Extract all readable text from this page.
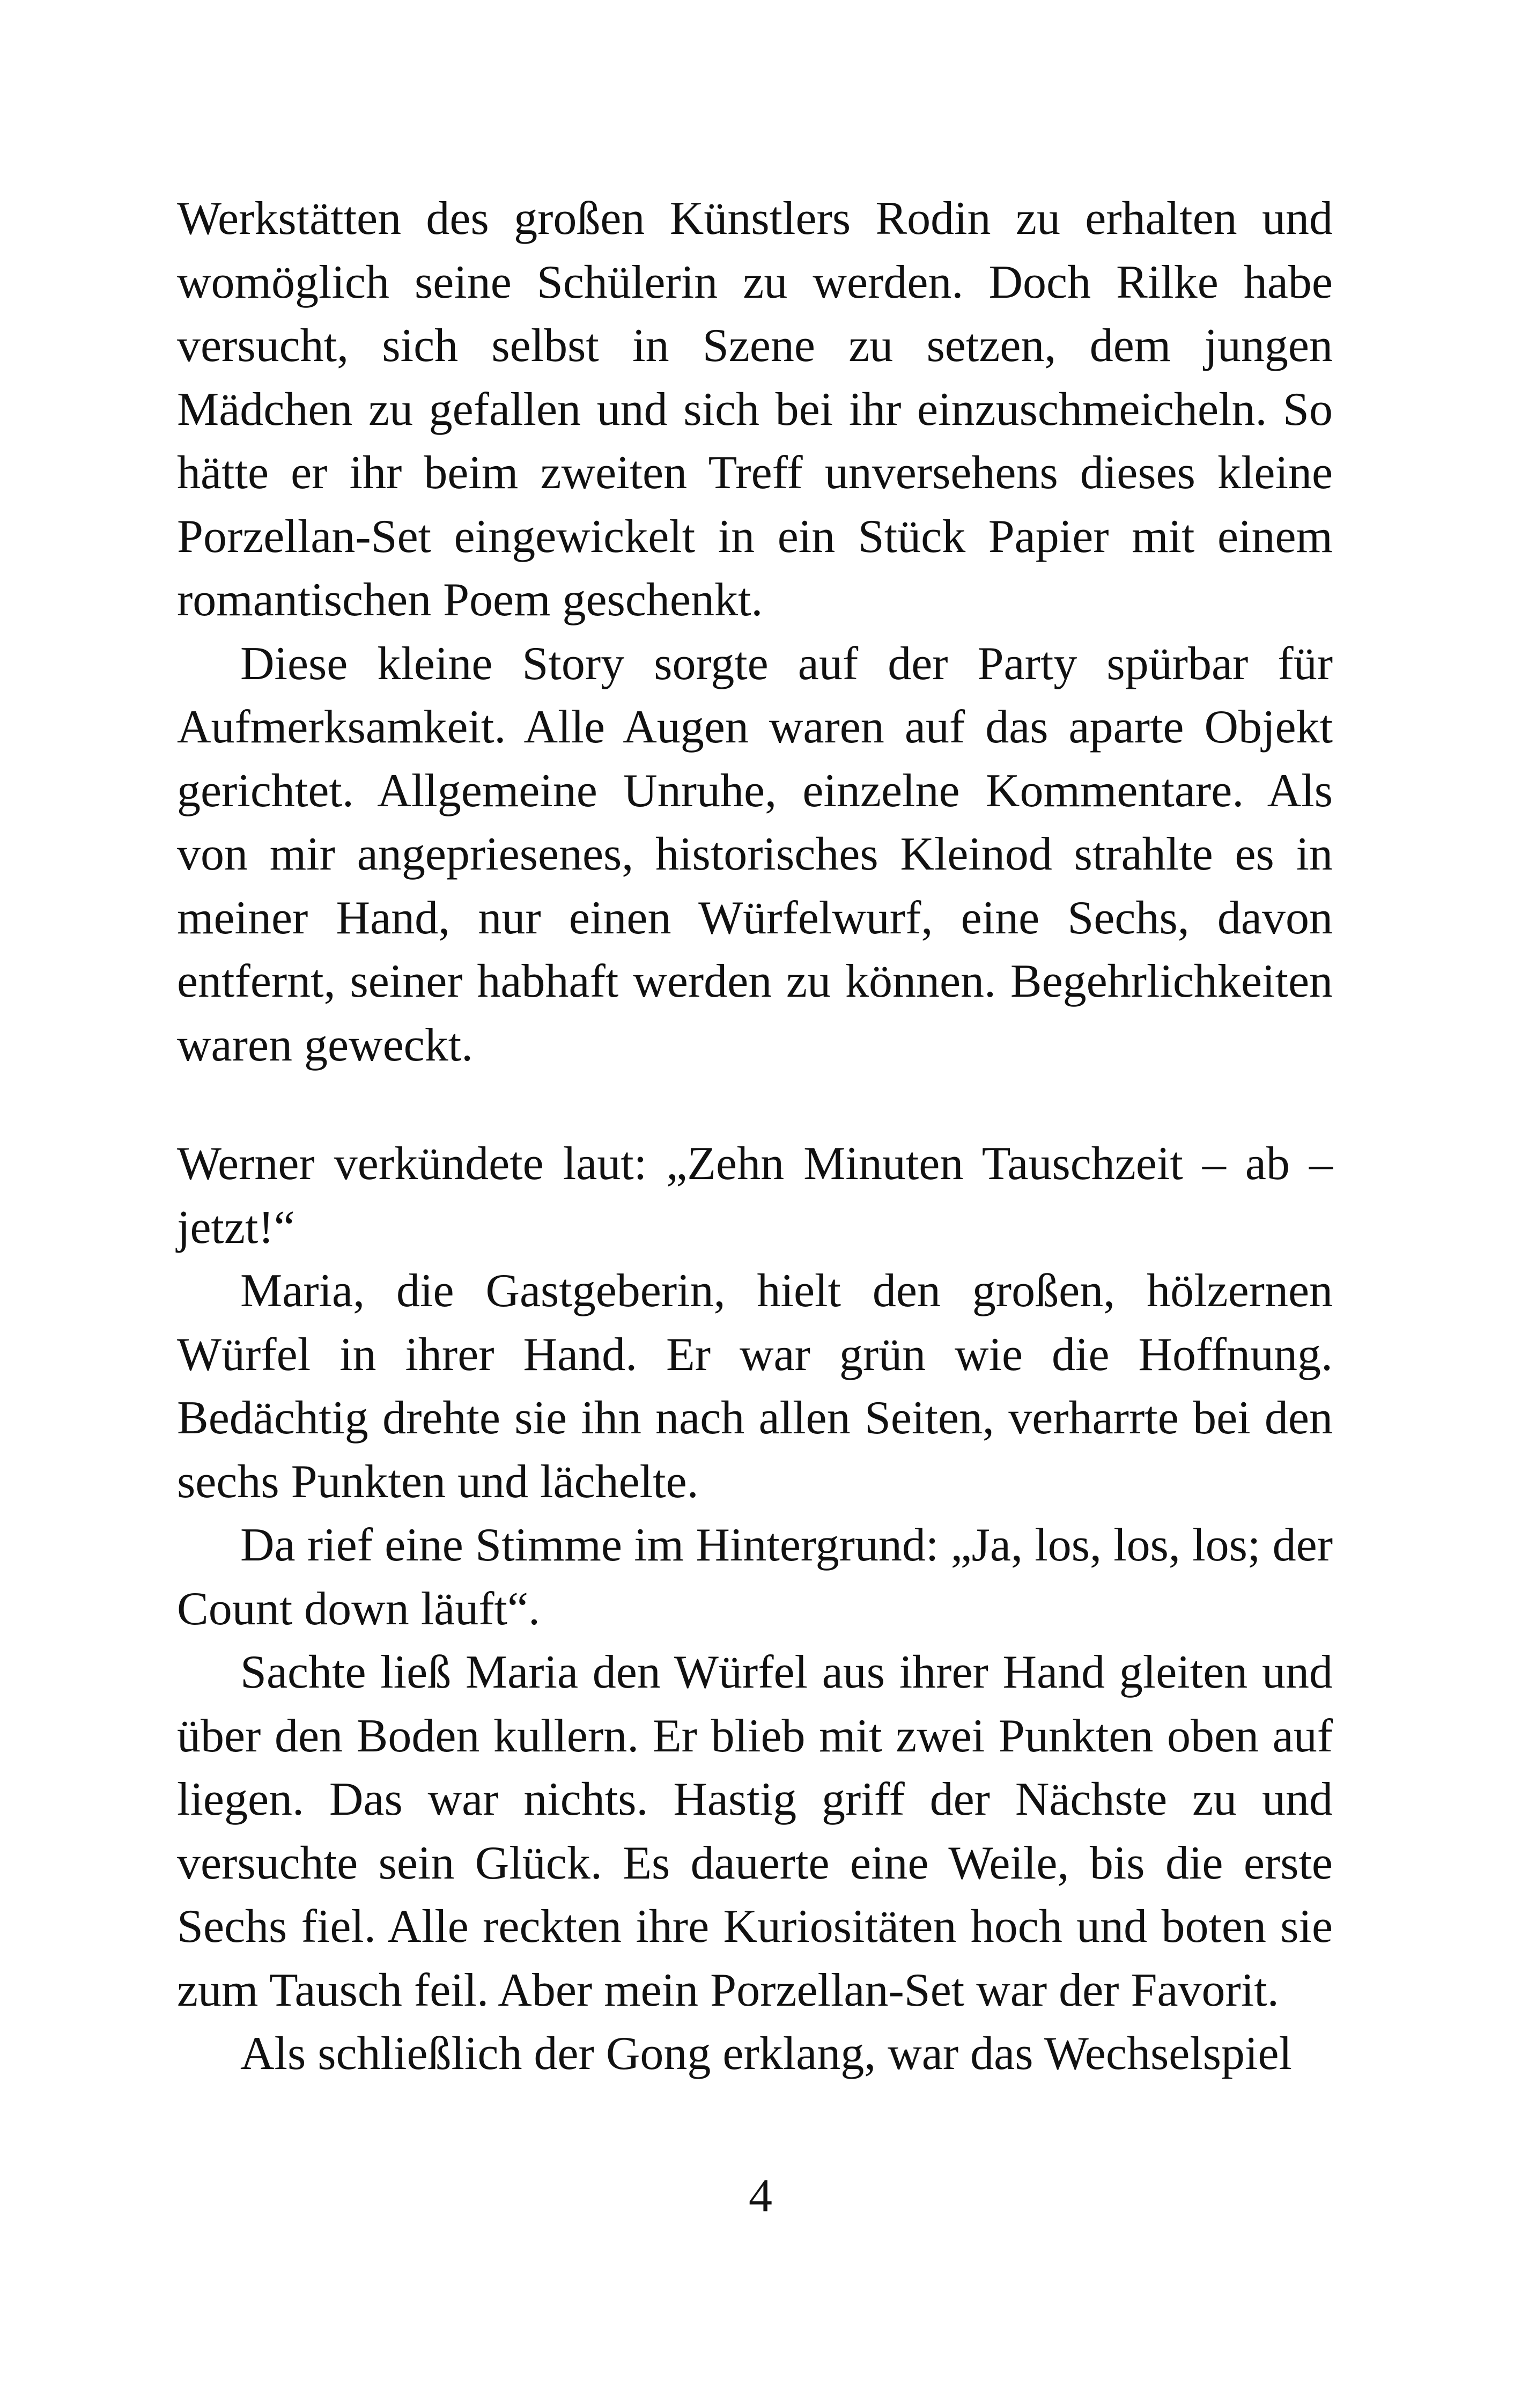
Werkstätten des großen Künstlers Rodin zu erhalten und womöglich seine Schülerin zu werden. Doch Rilke habe versucht, sich selbst in Szene zu setzen, dem jungen Mädchen zu gefallen und sich bei ihr einzuschmeicheln. So hätte er ihr beim zweiten Treff unversehens dieses kleine Porzellan-Set eingewickelt in ein Stück Papier mit einem romantischen Poem geschenkt.

Diese kleine Story sorgte auf der Party spürbar für Aufmerksamkeit. Alle Augen waren auf das aparte Objekt gerichtet. Allgemeine Unruhe, einzelne Kommentare. Als von mir angepriesenes, historisches Kleinod strahlte es in meiner Hand, nur einen Würfelwurf, eine Sechs, davon entfernt, seiner habhaft werden zu können. Begehrlichkeiten waren geweckt.

Werner verkündete laut: „Zehn Minuten Tauschzeit – ab – jetzt!“

Maria, die Gastgeberin, hielt den großen, hölzernen Würfel in ihrer Hand. Er war grün wie die Hoffnung. Bedächtig drehte sie ihn nach allen Seiten, verharrte bei den sechs Punkten und lächelte.

Da rief eine Stimme im Hintergrund: „Ja, los, los, los; der Count down läuft“.

Sachte ließ Maria den Würfel aus ihrer Hand gleiten und über den Boden kullern. Er blieb mit zwei Punkten oben auf liegen. Das war nichts. Hastig griff der Nächste zu und versuchte sein Glück. Es dauerte eine Weile, bis die erste Sechs fiel. Alle reckten ihre Kuriositäten hoch und boten sie zum Tausch feil. Aber mein Porzellan-Set war der Favorit.

Als schließlich der Gong erklang, war das Wechselspiel

4
